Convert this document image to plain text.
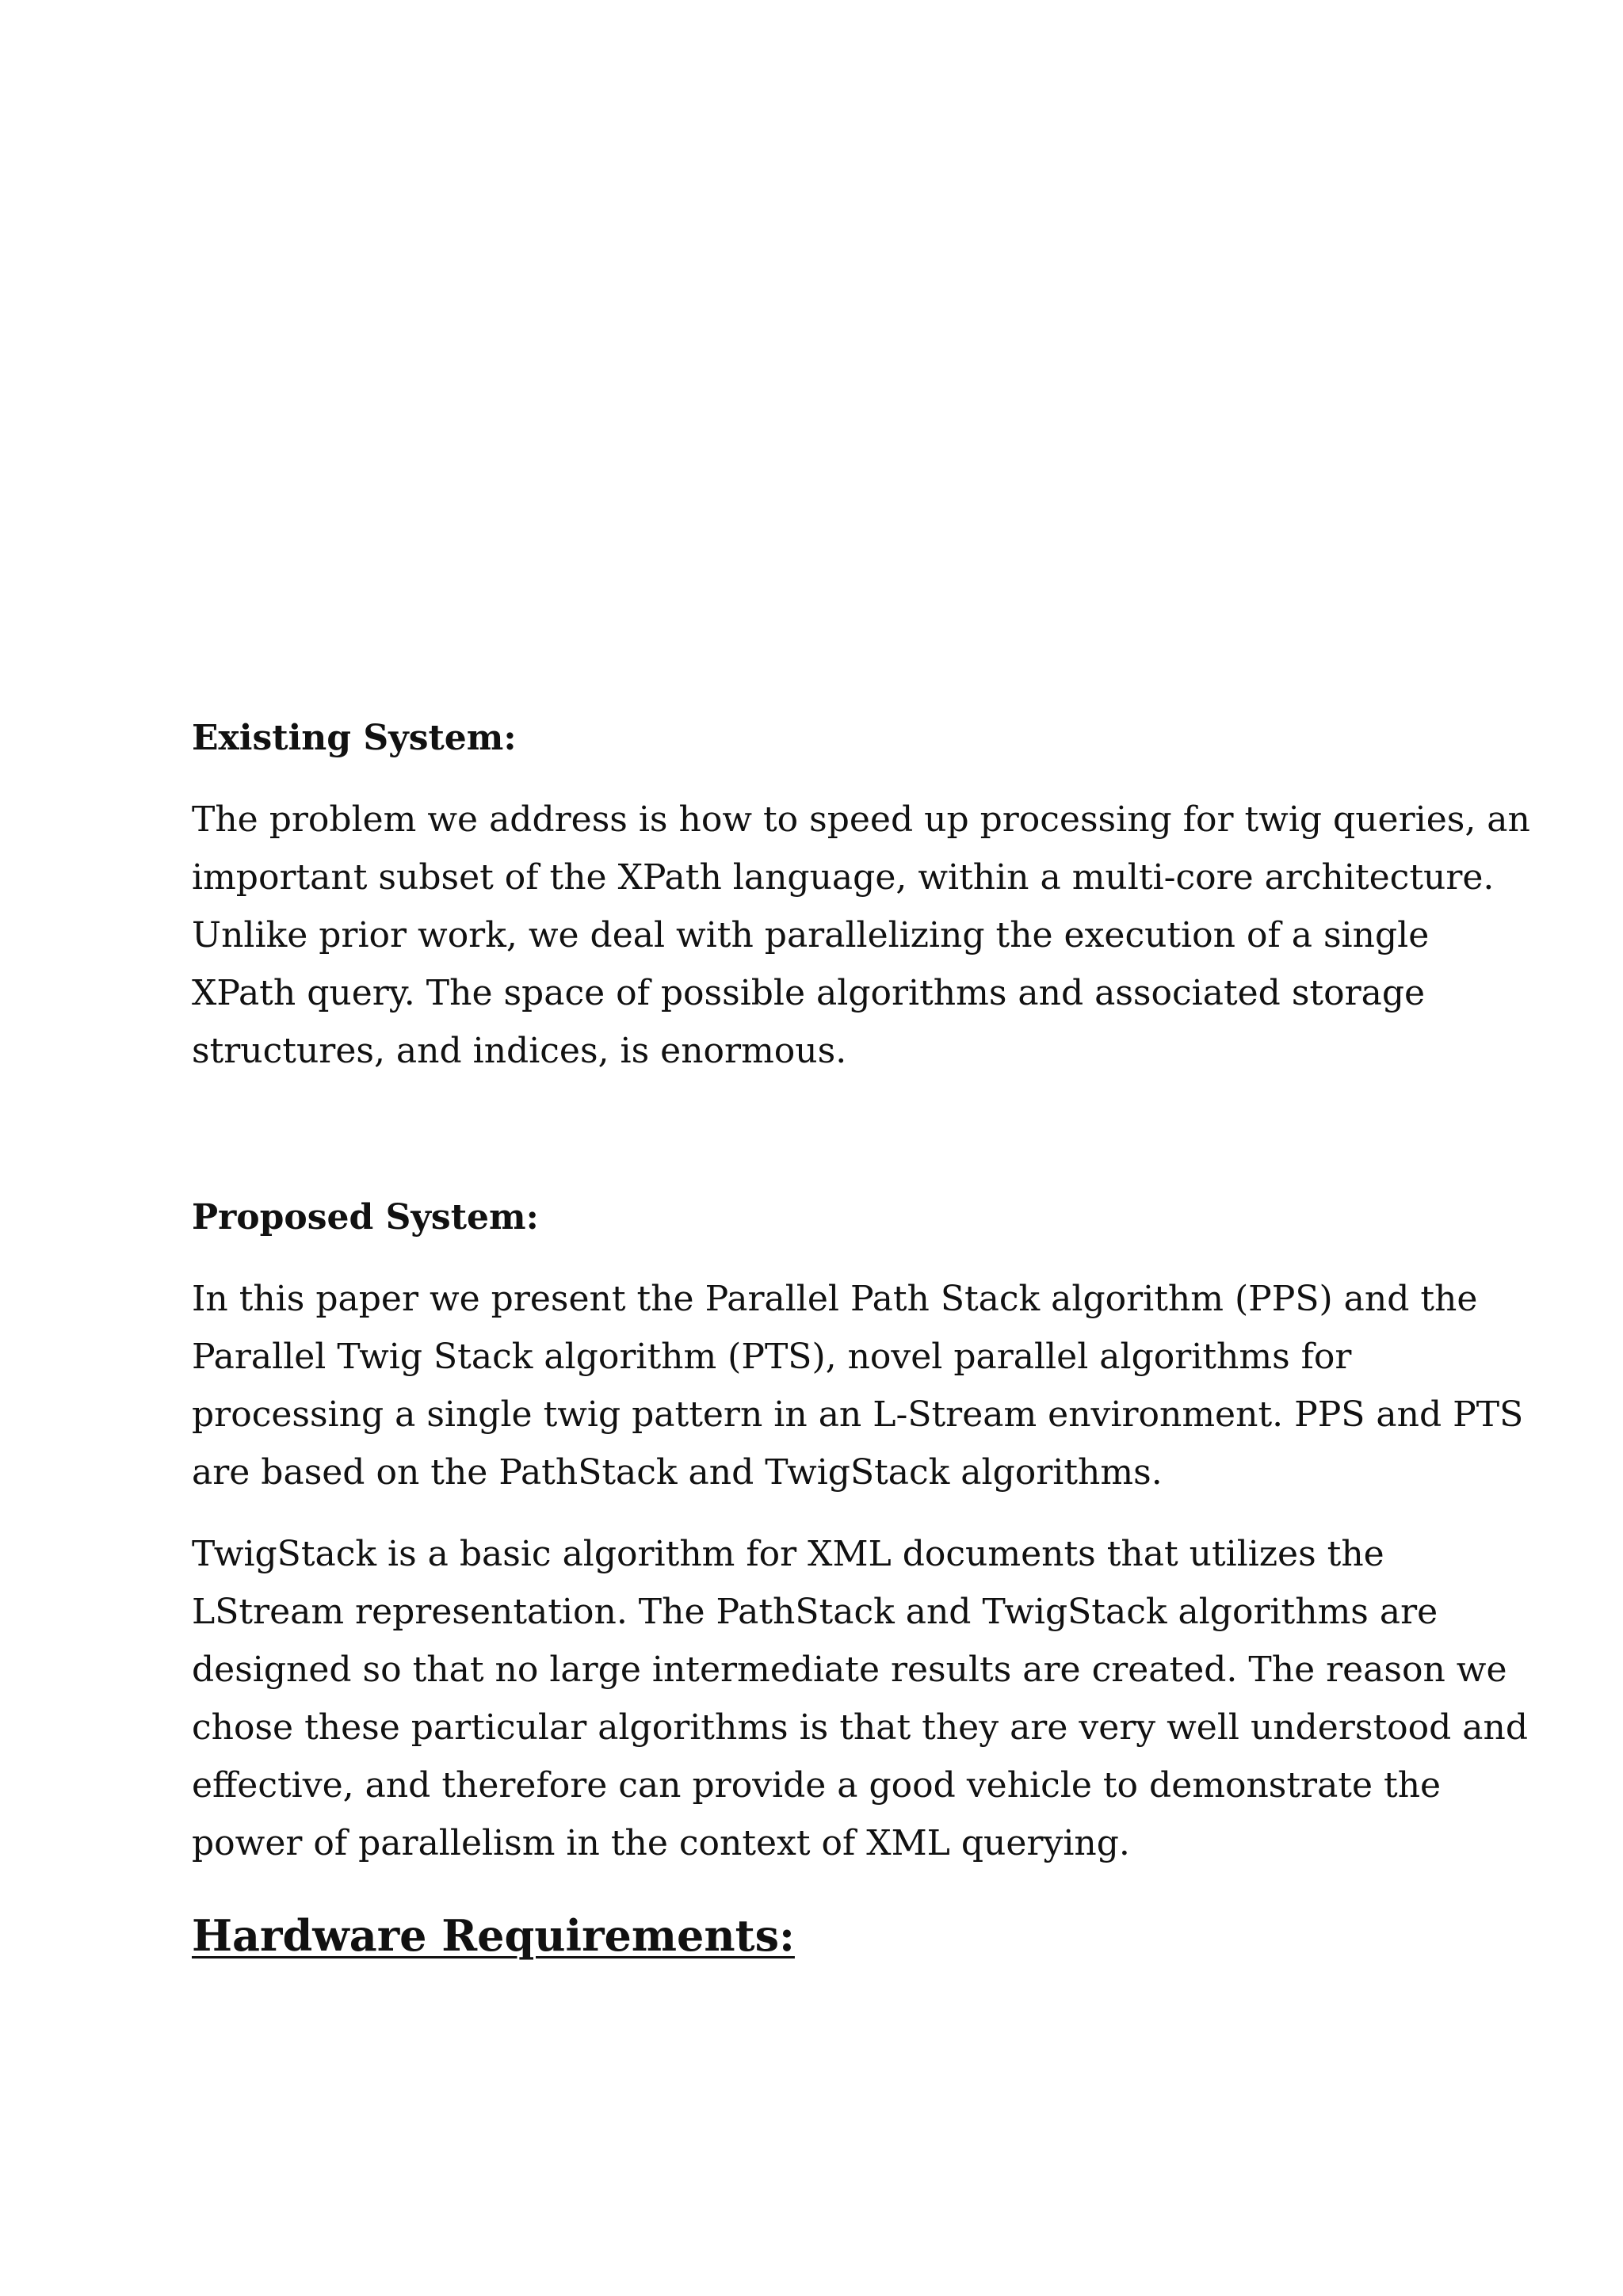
Existing System:

The problem we address is how to speed up processing for twig queries, an
important subset of the XPath language, within a multi-core architecture.
Unlike prior work, we deal with parallelizing the execution of a single
XPath query. The space of possible algorithms and associated storage
structures, and indices, is enormous.

Proposed System:

In this paper we present the Parallel Path Stack algorithm (PPS) and the
Parallel Twig Stack algorithm (PTS), novel parallel algorithms for
processing a single twig pattern in an L-Stream environment. PPS and PTS
are based on the PathStack and TwigStack algorithms.

TwigStack is a basic algorithm for XML documents that utilizes the
LStream representation. The PathStack and TwigStack algorithms are
designed so that no large intermediate results are created. The reason we
chose these particular algorithms is that they are very well understood and
effective, and therefore can provide a good vehicle to demonstrate the
power of parallelism in the context of XML querying.

Hardware Requirements:
